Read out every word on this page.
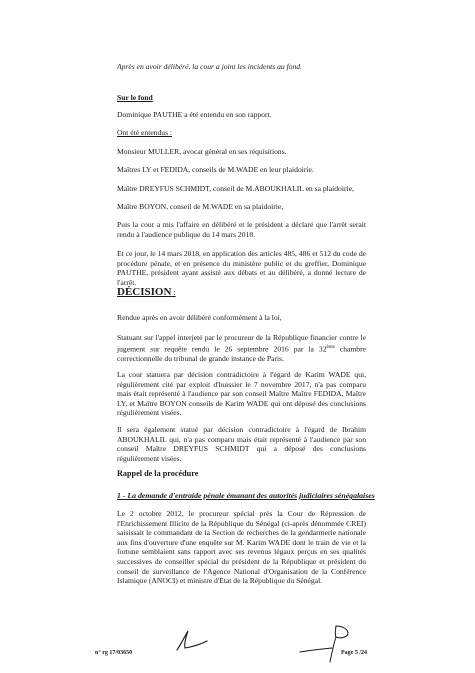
Après en avoir délibéré, la cour a joint les incidents au fond.
Sur le fond
Dominique PAUTHE a été entendu en son rapport.
Ont été entendus :
Monsieur MULLER, avocat général en ses réquisitions.
Maîtres LY et FEDIDA, conseils de M.WADE en leur plaidoirie.
Maître DREYFUS SCHMIDT, conseil de M.ABOUKHALIL en sa plaidoirie,
Maître BOYON, conseil de M.WADE en sa plaidoirie,
Puis la cour a mis l'affaire en délibéré et le président a déclaré que l'arrêt serait rendu à l'audience publique du 14 mars 2018.
Et ce jour, le 14 mars 2018, en application des articles 485, 486 et 512 du code de procédure pénale, et en présence du ministère public et du greffier, Dominique PAUTHE, président ayant assisté aux débats et au délibéré, a donné lecture de l'arrêt.
DÉCISION :
Rendue après en avoir délibéré conformément à la loi,
Statuant sur l'appel interjeté par le procureur de la République financier contre le jugement sur requête rendu le 26 septembre 2016 par la 32ème chambre correctionnelle du tribunal de grande instance de Paris.
La cour statuera par décision contradictoire à l'égard de Karim WADE qui, régulièrement cité par exploit d'huissier le 7 novembre 2017, n'a pas comparu mais était représenté à l'audience par son conseil Maître Maître FEDIDA, Maître LY, et Maître BOYON conseils de Karim WADE qui ont déposé des conclusions régulièrement visées.
Il sera également statué par décision contradictoire à l'égard de Ibrahim ABOUKHALIL qui, n'a pas comparu mais était représenté à l'audience par son conseil Maître DREYFUS SCHMIDT qui a déposé des conclusions régulièrement visées.
Rappel de la procédure
1 - La demande d'entraide pénale émanant des autorités judiciaires sénégalaises
Le 2 octobre 2012, le procureur spécial près la Cour de Répression de l'Enrichissement Illicite de la République du Sénégal (ci-après dénommée CREI) saisissait le commandant de la Section de recherches de la gendarmerie nationale aux fins d'ouverture d'une enquête sur M. Karim WADE dont le train de vie et la fortune semblaient sans rapport avec ses revenus légaux perçus en ses qualités successives de conseiller spécial du président de la République et président du conseil de surveillance de l'Agence National d'Organisation de la Conférence Islamique (ANOCI) et ministre d'Etat de la République du Sénégal.
n° rg 17/03650	Page 5 /24
